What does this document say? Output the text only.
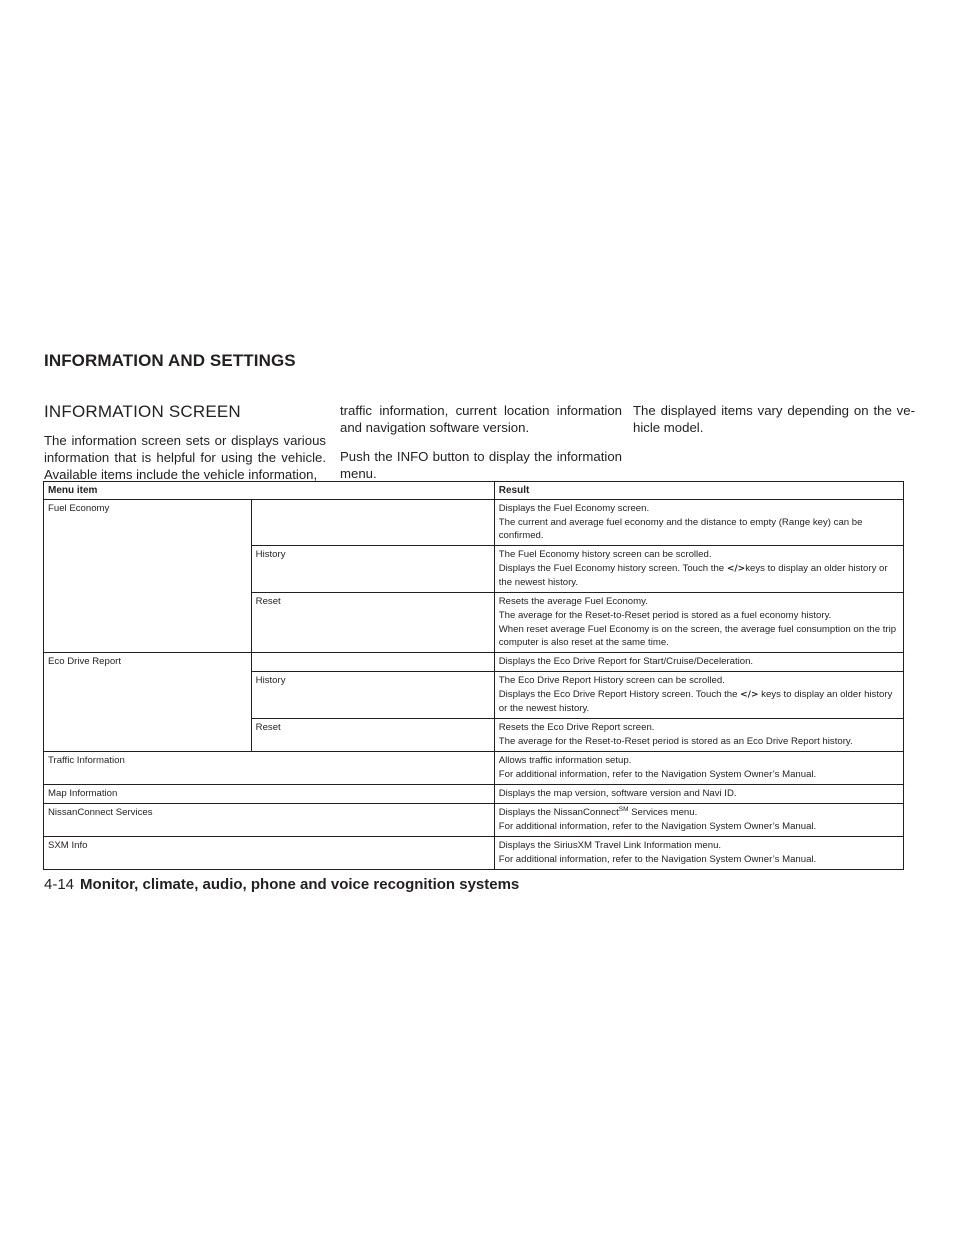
INFORMATION AND SETTINGS
INFORMATION SCREEN

The information screen sets or displays various information that is helpful for using the vehicle. Available items include the vehicle information,

traffic information, current location information and navigation software version.

Push the INFO button to display the information menu.

The displayed items vary depending on the ve-hicle model.

Menu item		Result
Fuel Economy		Displays the Fuel Economy screen.
The current and average fuel economy and the distance to empty (Range key) can be confirmed.

	History	The Fuel Economy history screen can be scrolled.
Displays the Fuel Economy history screen. Touch the </>keys to display an older history or the newest history.

	Reset	Resets the average Fuel Economy.
The average for the Reset-to-Reset period is stored as a fuel economy history.
When reset average Fuel Economy is on the screen, the average fuel consumption on the trip computer is also reset at the same time.

Eco Drive Report		Displays the Eco Drive Report for Start/Cruise/Deceleration.
	History	The Eco Drive Report History screen can be scrolled.
Displays the Eco Drive Report History screen. Touch the </> keys to display an older history or the newest history.

	Reset	Resets the Eco Drive Report screen.
The average for the Reset-to-Reset period is stored as an Eco Drive Report history.

Traffic Information		Allows traffic information setup.
For additional information, refer to the Navigation System Owner’s Manual.

Map Information		Displays the map version, software version and Navi ID.
NissanConnect Services		Displays the NissanConnect℠ Services menu.
For additional information, refer to the Navigation System Owner’s Manual.

SXM Info		Displays the SiriusXM Travel Link Information menu.
For additional information, refer to the Navigation System Owner’s Manual.
4-14 Monitor, climate, audio, phone and voice recognition systems
